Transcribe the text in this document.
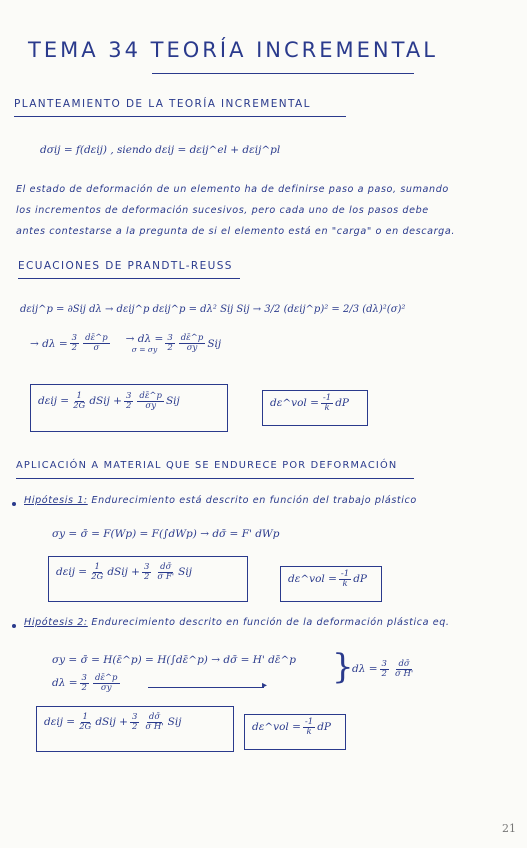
TEMA 34 TEORÍA INCREMENTAL
PLANTEAMIENTO DE LA TEORÍA INCREMENTAL
dσij = f(dεij) , siendo dεij = dεij^el + dεij^pl
El estado de deformación de un elemento ha de definirse paso a paso, sumando
los incrementos de deformación sucesivos, pero cada uno de los pasos debe
antes contestarse a la pregunta de si el elemento está en "carga" o en descarga.
ECUACIONES DE PRANDTL-REUSS
dεij^p = ∂Sij dλ → dεij^p dεij^p = dλ² Sij Sij → 3/2 (dεij^p)² = 2/3 (dλ)²(σ)²
→ $d\lambda = \frac{3}{2} \frac{d\varepsilon̄\^{}p}{\sigma} \to d\lambda$ =
σ = σy $\frac{3}{2} \frac{d\varepsilon̄\^{}p}{\sigma y}$ Sij
$d\varepsilon ij = \frac{1}{2G}$ dSij + $\frac{3}{2} \frac{d\varepsilon̄\^{}p}{\sigma y}$ Sij	dε^vol = $\frac{-1}{k}$ dP
APLICACIÓN A MATERIAL QUE SE ENDURECE POR DEFORMACIÓN
Hipótesis 1: Endurecimiento está descrito en función del trabajo plástico
σy = σ̄ = F(Wp) = F(∫dWp) → dσ̄ = F' dWp
$d\varepsilon ij = \frac{1}{2G}$ dSij + $\frac{3}{2} \frac{d\sigmā}{\sigmā F'}$ Sij
dε^vol = $\frac{-1}{k}$ dP
Hipótesis 2: Endurecimiento descrito en función de la deformación plástica eq.
σy = σ̄ = H(ε̄^p) = H(∫dε̄^p) → dσ̄ = H' dε̄^p
$d\lambda = \frac{3}{2} \frac{d\varepsilon̄\^{}p}{\sigma y}$	▸ }
$d\lambda = \frac{3}{2} \frac{d\sigmā}{\sigmā H'}$
$d\varepsilon ij = \frac{1}{2G}$ dSij + $\frac{3}{2} \frac{d\sigmā}{\sigmā H'}$ Sij	dε^vol = $\frac{-1}{k}$ dP
21
